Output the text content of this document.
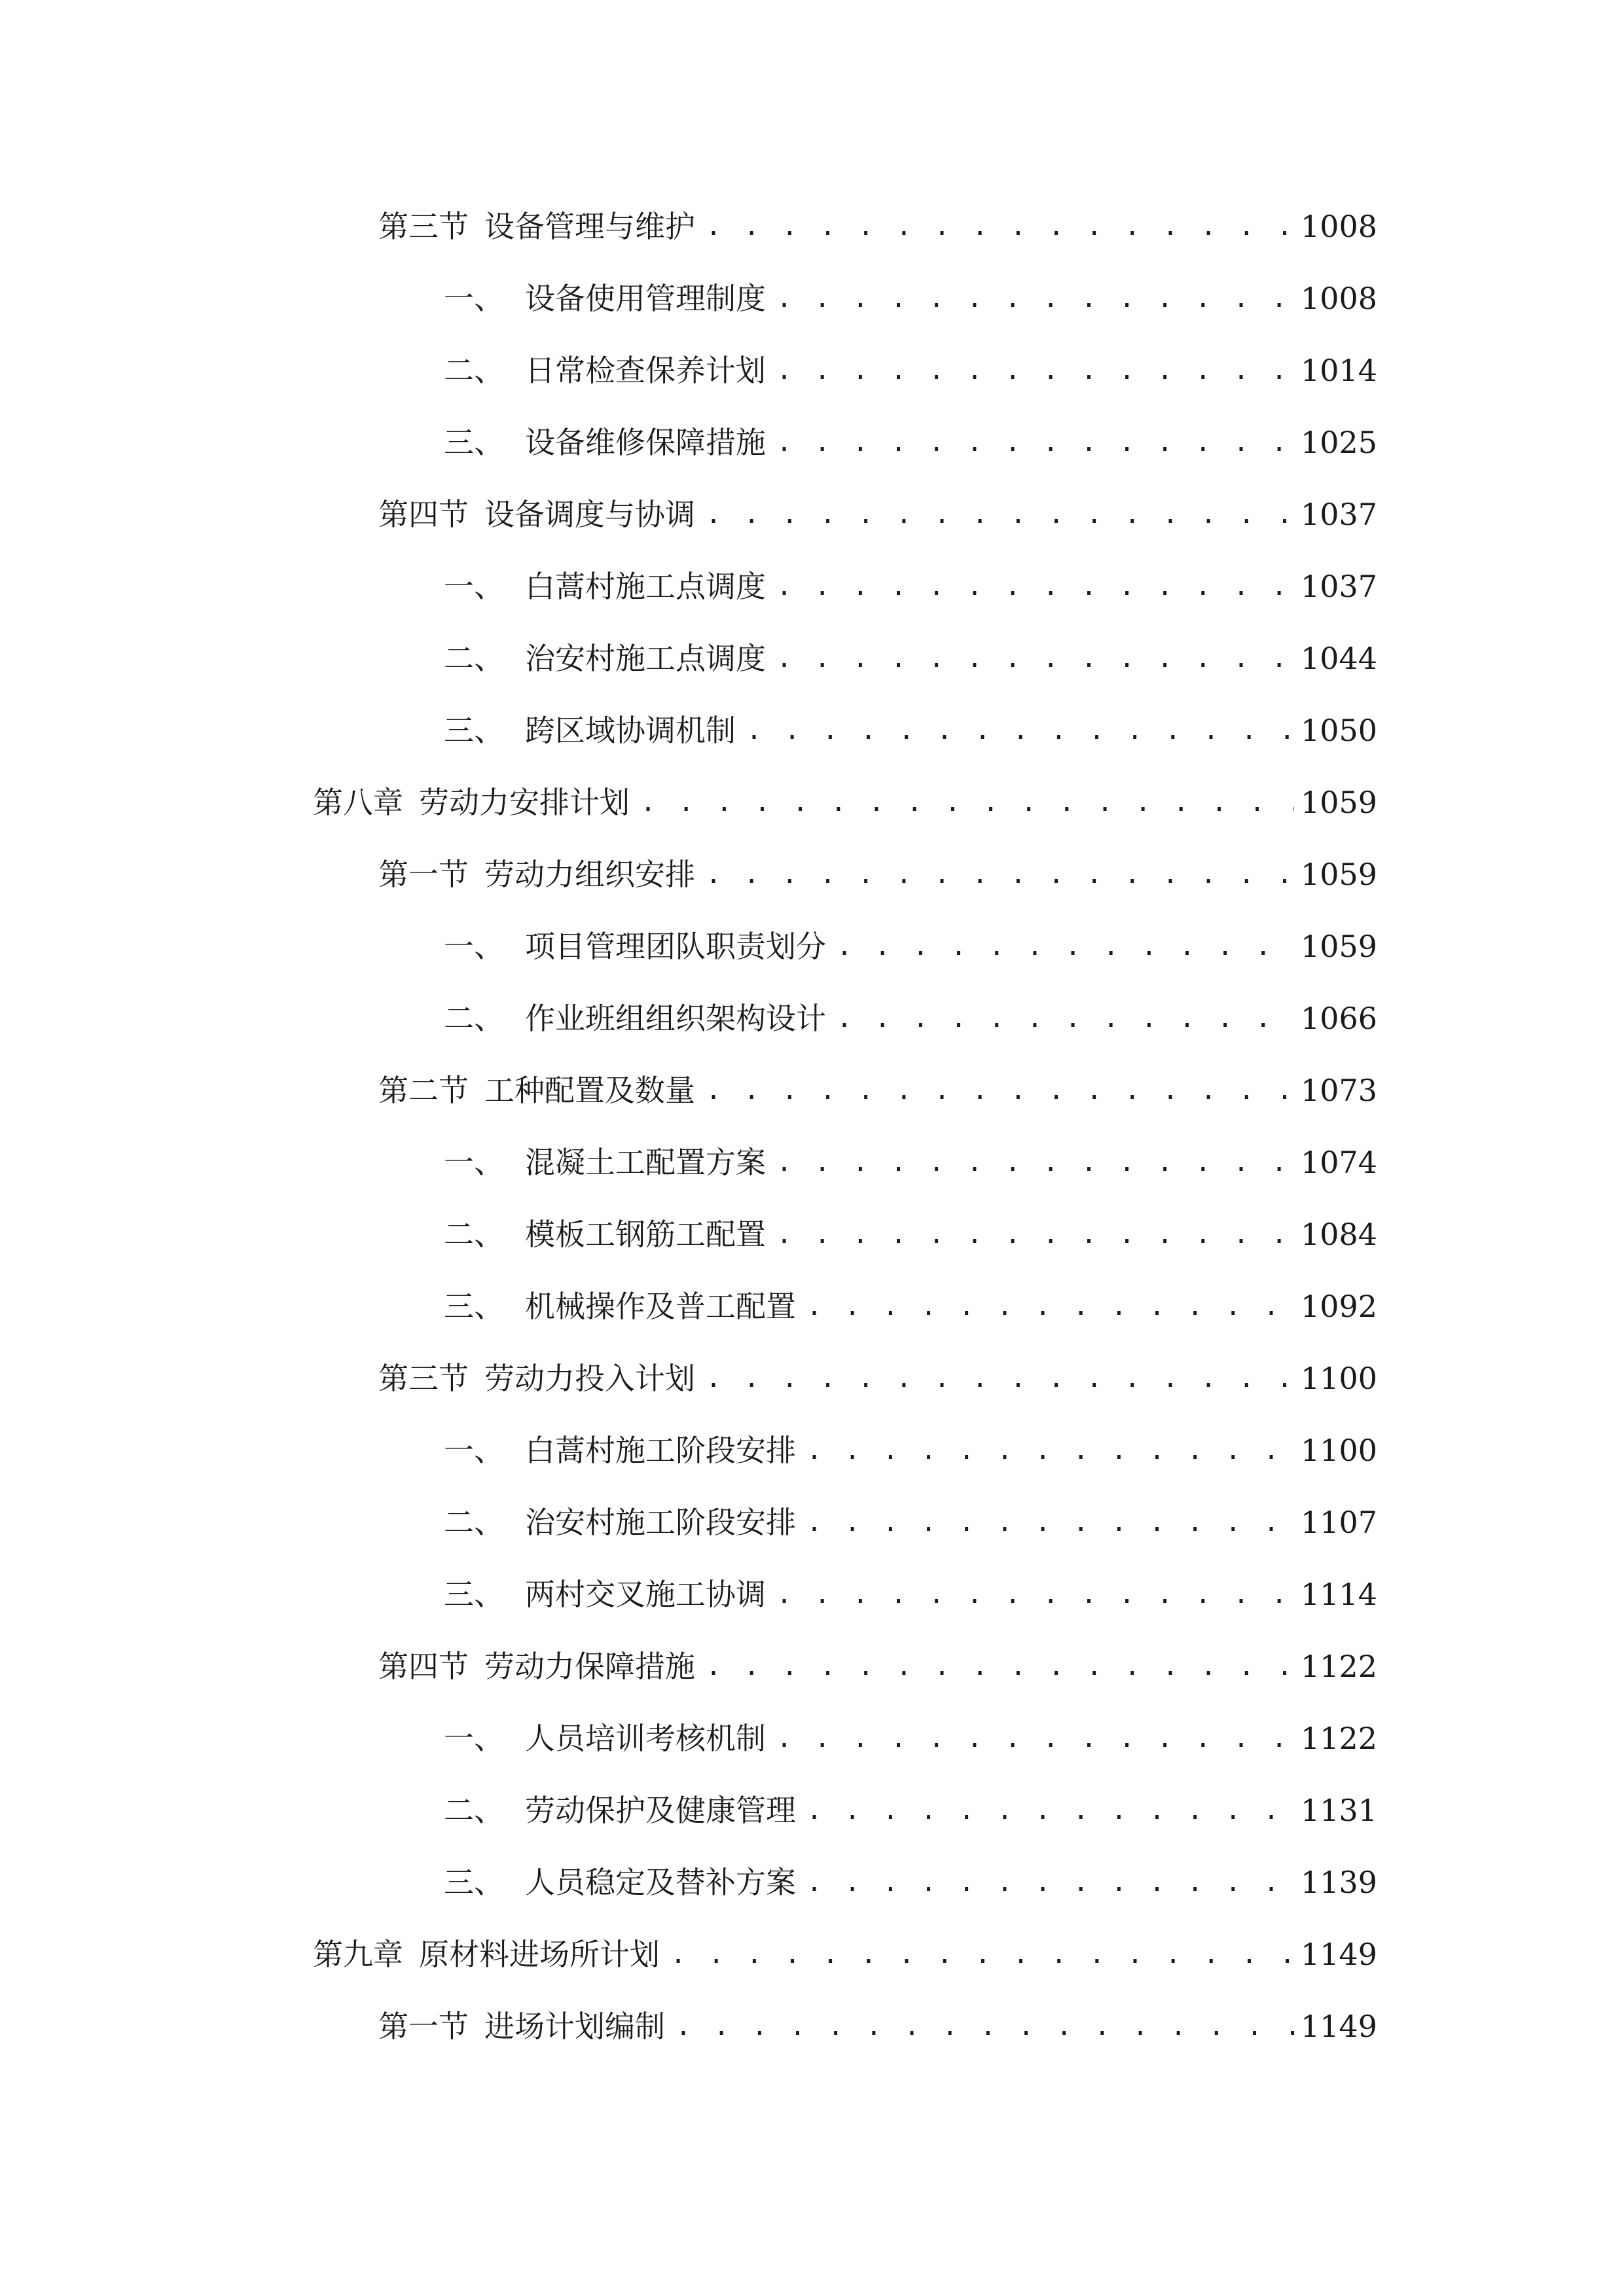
第三节 设备管理与维护 . . .	1008
一、 设备使用管理制度 . . .	1008
二、 日常检查保养计划 . . .	1014
三、 设备维修保障措施 . . .	1025
第四节 设备调度与协调 . . .	1037
一、 白蒿村施工点调度 . . .	1037
二、 治安村施工点调度 . . .	1044
三、 跨区域协调机制 . . .	1050
第八章 劳动力安排计划 . . .	1059
第一节 劳动力组织安排 . . .	1059
一、 项目管理团队职责划分 . . .	1059
二、 作业班组组织架构设计 . . .	1066
第二节 工种配置及数量 . . .	1073
一、 混凝土工配置方案 . . .	1074
二、 模板工钢筋工配置 . . .	1084
三、 机械操作及普工配置 . . .	1092
第三节 劳动力投入计划 . . .	1100
一、 白蒿村施工阶段安排 . . .	1100
二、 治安村施工阶段安排 . . .	1107
三、 两村交叉施工协调 . . .	1114
第四节 劳动力保障措施 . . .	1122
一、 人员培训考核机制 . . .	1122
二、 劳动保护及健康管理 . . .	1131
三、 人员稳定及替补方案 . . .	1139
第九章 原材料进场所计划 . . .	1149
第一节 进场计划编制 . . .	1149
